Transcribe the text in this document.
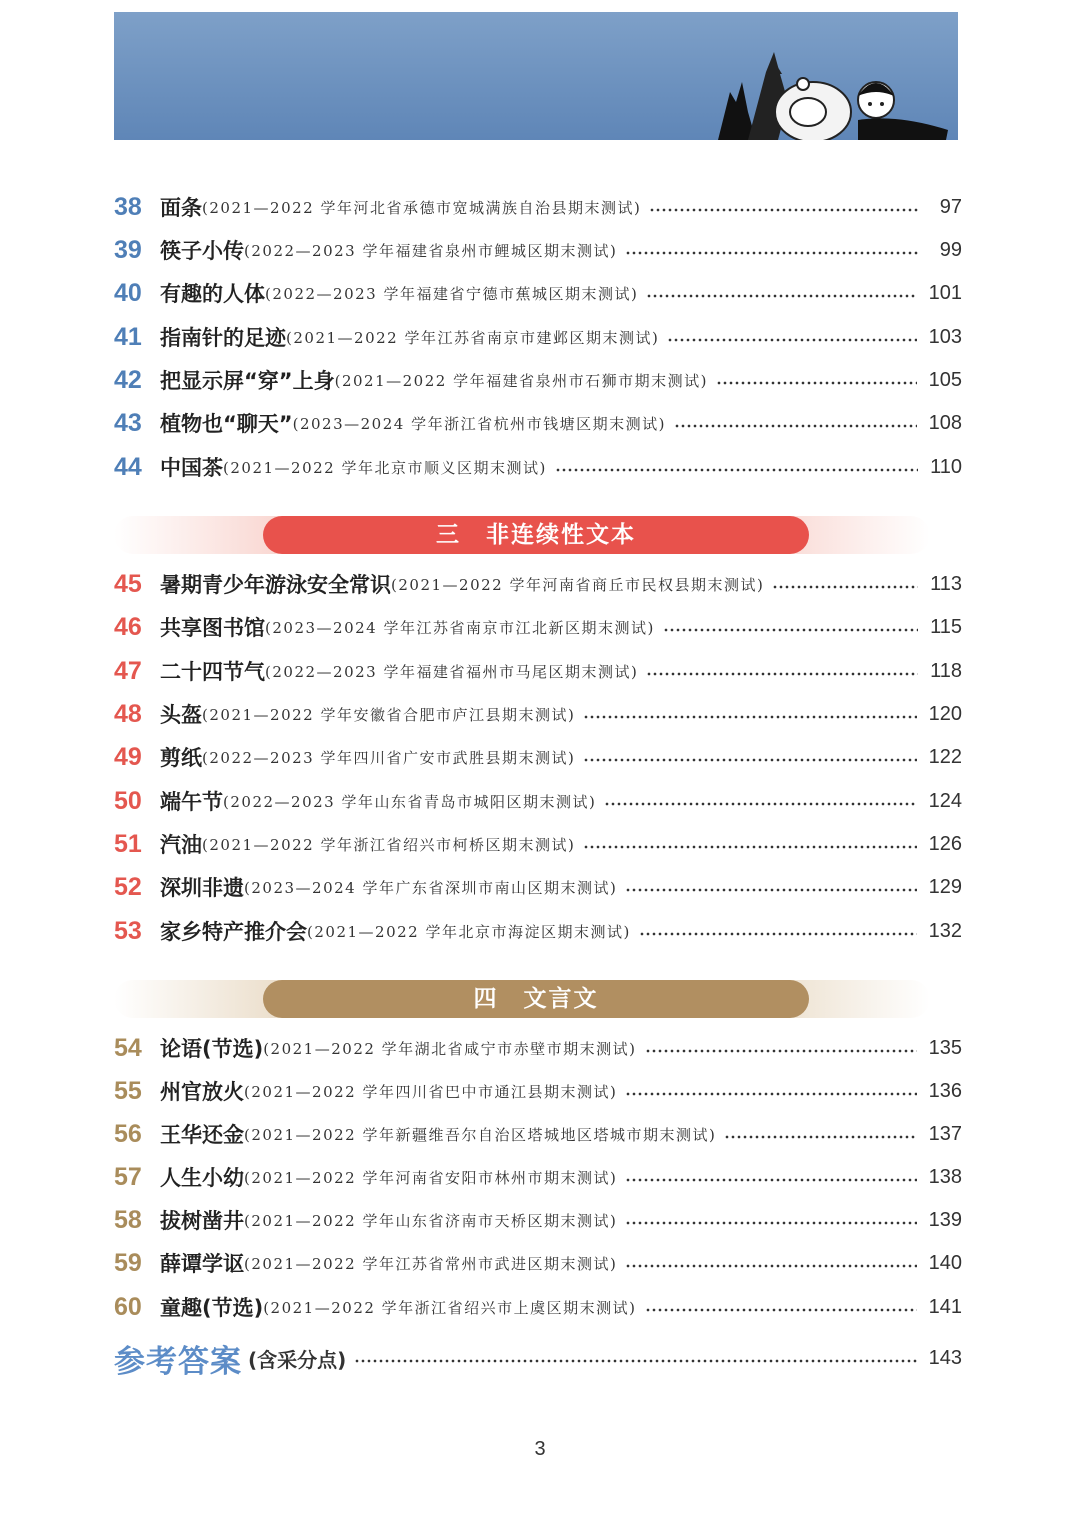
38 面条 (2021—2022 学年河北省承德市宽城满族自治县期末测试)	97
39 筷子小传 (2022—2023 学年福建省泉州市鲤城区期末测试)	99
40 有趣的人体 (2022—2023 学年福建省宁德市蕉城区期末测试)	101
41 指南针的足迹 (2021—2022 学年江苏省南京市建邺区期末测试)	103
42 把显示屏“穿”上身 (2021—2022 学年福建省泉州市石狮市期末测试)	105
43 植物也“聊天” (2023—2024 学年浙江省杭州市钱塘区期末测试)	108
44 中国茶 (2021—2022 学年北京市顺义区期末测试)	110
三　非连续性文本
45 暑期青少年游泳安全常识 (2021—2022 学年河南省商丘市民权县期末测试)	113
46 共享图书馆 (2023—2024 学年江苏省南京市江北新区期末测试)	115
47 二十四节气 (2022—2023 学年福建省福州市马尾区期末测试)	118
48 头盔 (2021—2022 学年安徽省合肥市庐江县期末测试)	120
49 剪纸 (2022—2023 学年四川省广安市武胜县期末测试)	122
50 端午节 (2022—2023 学年山东省青岛市城阳区期末测试)	124
51 汽油 (2021—2022 学年浙江省绍兴市柯桥区期末测试)	126
52 深圳非遗 (2023—2024 学年广东省深圳市南山区期末测试)	129
53 家乡特产推介会 (2021—2022 学年北京市海淀区期末测试)	132
四　文言文
54 论语(节选) (2021—2022 学年湖北省咸宁市赤壁市期末测试)	135
55 州官放火 (2021—2022 学年四川省巴中市通江县期末测试)	136
56 王华还金 (2021—2022 学年新疆维吾尔自治区塔城地区塔城市期末测试)	137
57 人生小幼 (2021—2022 学年河南省安阳市林州市期末测试)	138
58 拔树凿井 (2021—2022 学年山东省济南市天桥区期末测试)	139
59 薛谭学讴 (2021—2022 学年江苏省常州市武进区期末测试)	140
60 童趣(节选) (2021—2022 学年浙江省绍兴市上虞区期末测试)	141
参考答案 (含采分点)	143
3
